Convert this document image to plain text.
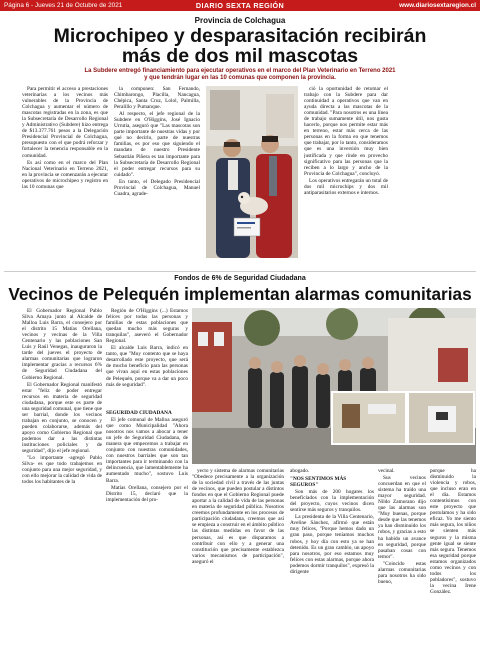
Página 6 - Jueves 21 de Octubre de 2021	DIARIO SEXTA REGIÓN	www.diariosextaregion.cl
Provincia de Colchagua
Microchipeo y desparasitación recibirán
más de dos mil mascotas
La Subdere entregó financiamiento para ejecutar operativos en el marco del Plan Veterinario en Terreno 2021
y que tendrán lugar en las 10 comunas que componen la provincia.

Para permitir el acceso a prestaciones veterinarias a los vecinos más vulnerables de la Provincia de Colchagua y aumentar el número de mascotas registradas en la zona, es que la Subsecretaría de Desarrollo Regional y Administrativo (Subdere) hizo entrega de $13.377.761 pesos a la Delegación Presidencial Provincial de Colchagua, presupuesto con el que podrá reforzar y fortalecer la tenencia responsable en la comunidad.

Es así como en el marco del Plan Nacional Veterinario en Terreno 2021, en la provincia se comenzarán a ejecutar operativos de microchipeo y registro en las 10 comunas que

la componen: San Fernando, Chimbarongo, Placilla, Nancagua, Chépica, Santa Cruz, Lolol, Palmilla, Peralillo y Pumanque.

Al respecto, el jefe regional de la Subdere en O'Higgins, José Ignacio Urrutia, aseguró que "Las mascotas son parte importante de nuestras vidas y por qué no decirlo, parte de nuestras familias, es por eso que siguiendo el mandato de nuestro Presidente Sebastián Piñera es tan importante para la Subsecretaría de Desarrollo Regional el poder entregar recursos para su cuidado".

En tanto, el Delegado Presidencial Provincial de Colchagua, Manuel Cuadra, agrade-

ció la oportunidad de retomar el trabajo con la Subdere para dar continuidad a operativos que van en ayuda directa a las mascotas de la comunidad. "Para nosotros es una línea de trabajo sumamente útil, nos gusta hacerlo, porque nos permite estar más en terreno, estar más cerca de las personas en la forma en que tenemos que trabajar, por lo tanto, consideramos que es una inversión muy bien justificada y que rinde en provecho significativo para las personas que la reciben a lo largo y ancho de la Provincia de Colchagua", concluyó.

Los operativos entregarán un total de dos mil microchips y dos mil antiparasitarios externos e internos.

Fondos de 6% de Seguridad Ciudadana
Vecinos de Pelequén implementan alarmas comunitarias

El Gobernador Regional Pablo Silva Amaya junto al Alcalde de Malloa Luis Barra, el consejero por el distrito 15 Matías Orellana, vecinos y vecinas de la Villa Centenario y las poblaciones San Luis y Raúl Venegas, inauguraron la tarde del jueves el proyecto de alarmas comunitarias que lograron implementar gracias a recursos 6% de Seguridad Ciudadana del Gobierno Regional.

El Gobernador Regional manifestó estar "feliz de poder entregar recursos en materia de seguridad ciudadana, porque este es parte de una seguridad comunal, que tiene que ser barrial, donde los vecinos trabajan en conjunto, se conocen y pueden colaborarse, además del apoyo como Gobierno Regional que podemos dar a las distintas instituciones policiales y de seguridad", dijo el jefe regional.

"Lo importante -agregó Pablo Silva- es que todo trabajemos en conjunto para una mejor seguridad, y con ello mejorar la calidad de vida de todos los habitantes de la

Región de O'Higgins (...) Estamos felices por todas las personas y familias de estas poblaciones que quedan mucho más seguras y tranquilas", aseveró el Gobernador Regional.

El alcalde Luis Barra, indicó en tanto, que "Muy contento que se haya desarrollado este proyecto, que será de mucho beneficio para las personas que vivan aquí en estas poblaciones de Pelequén, porque va a dar un poco más de seguridad".

SEGURIDAD CIUDADANA

El jefe comunal de Malloa aseguró que como Municipalidad "Ahora nosotros nos vamos a abocar a tener un jefe de Seguridad Ciudadana, de manera que empecemos a trabajar en conjunto con nuestras comunidades, con nuestros barriales que son tan importantes para ir terminando con la delincuencia, que lamentablemente ha aumentado mucho", sostuvo Luis Barra.

Matías Orellana, consejero por el Distrito 15, declaró que la implementación del pro-

yecto y sistema de alarmas comunitarias "Obedece precisamente a la organización de la sociedad civil a través de las juntas de vecinos, que pueden postular a distintos fondos en que el Gobierno Regional puede aportar a la calidad de vida de las personas en materia de seguridad pública. Nosotros creemos profundamente en los procesos de participación ciudadana, creemos que así se empieza a construir en el ámbito público las distintas medidas en favor de las personas, así es que disparamos a contribuir con ello y a generar una constitución que precisamente establezca varios mecanismos de participación", aseguró el

abogado.

"NOS SENTIMOS MÁS SEGUROS"

Son más de 200 hogares los beneficiados con la implementación del proyecto, cuyos vecinos dicen sentirse más seguros y tranquilos.

La presidenta de la Villa Centenario, Aveline Sánchez, afirmó que están muy felices, "Porque hemos dado un gran paso, porque teníamos muchos robos, y hoy día con esto ya se han detenido. Es un gran cambio, un apoyo para nosotros, por eso estamos muy felices con estas alarmas, porque ahora podemos dormir tranquilos", expresó la dirigente

vecinal.

Sus vecinos concuerdan en que el sistema ha traído una mayor seguridad. Nildo Zamorano dijo que las alarmas son "Muy buenas, porque desde que las tenemos ya han disminuido los robos, y gracias a esto ha habido un avance en seguridad, porque pasaban cosas con temor".

"Coincido estas alarmas comunitarias para nosotros ha sido bueno,

porque ha disminuido la violencia y robos, que incluso eran en el día. Estamos contentísimos con este proyecto que postulamos y ha sido eficaz. Yo me siento más segura, los niños se sienten más seguros y la misma gente igual se siente más segura. Tenemos esa seguridad porque estamos organizados como vecinos y con todos los pobladores", sostuvo la vecina Irene González.
